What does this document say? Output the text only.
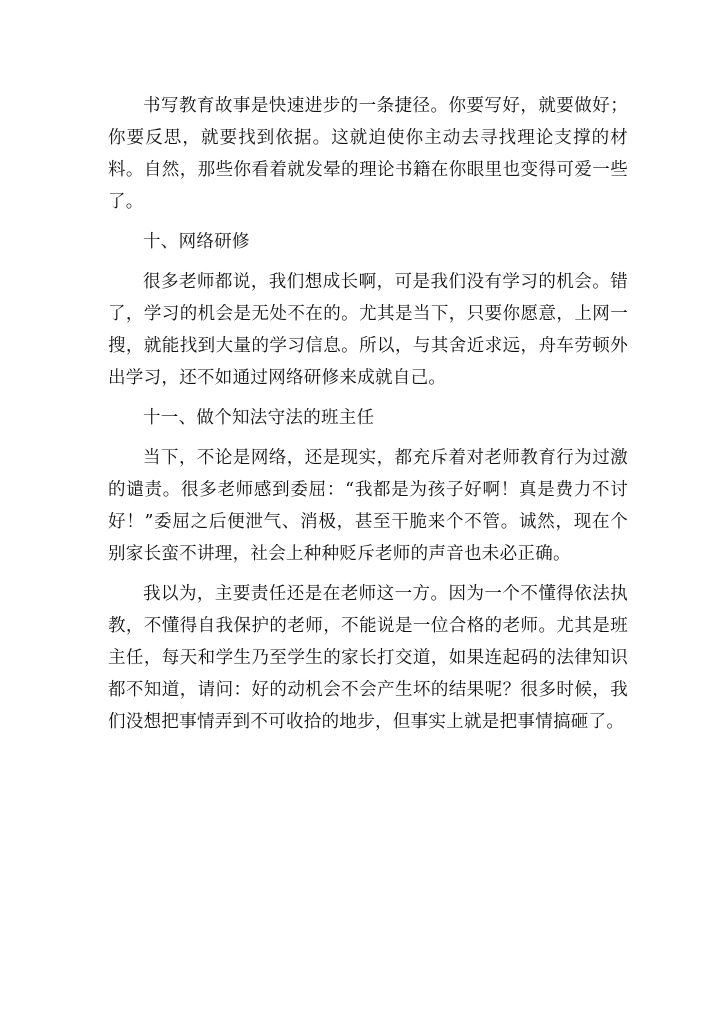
书写教育故事是快速进步的一条捷径。你要写好，就要做好；你要反思，就要找到依据。这就迫使你主动去寻找理论支撑的材料。自然，那些你看着就发晕的理论书籍在你眼里也变得可爱一些了。

十、网络研修

很多老师都说，我们想成长啊，可是我们没有学习的机会。错了，学习的机会是无处不在的。尤其是当下，只要你愿意，上网一搜，就能找到大量的学习信息。所以，与其舍近求远，舟车劳顿外出学习，还不如通过网络研修来成就自己。

十一、做个知法守法的班主任

当下，不论是网络，还是现实，都充斥着对老师教育行为过激的谴责。很多老师感到委屈：“我都是为孩子好啊！真是费力不讨好！”委屈之后便泄气、消极，甚至干脆来个不管。诚然，现在个别家长蛮不讲理，社会上种种贬斥老师的声音也未必正确。

我以为，主要责任还是在老师这一方。因为一个不懂得依法执教，不懂得自我保护的老师，不能说是一位合格的老师。尤其是班主任，每天和学生乃至学生的家长打交道，如果连起码的法律知识都不知道，请问：好的动机会不会产生坏的结果呢？很多时候，我们没想把事情弄到不可收拾的地步，但事实上就是把事情搞砸了。
